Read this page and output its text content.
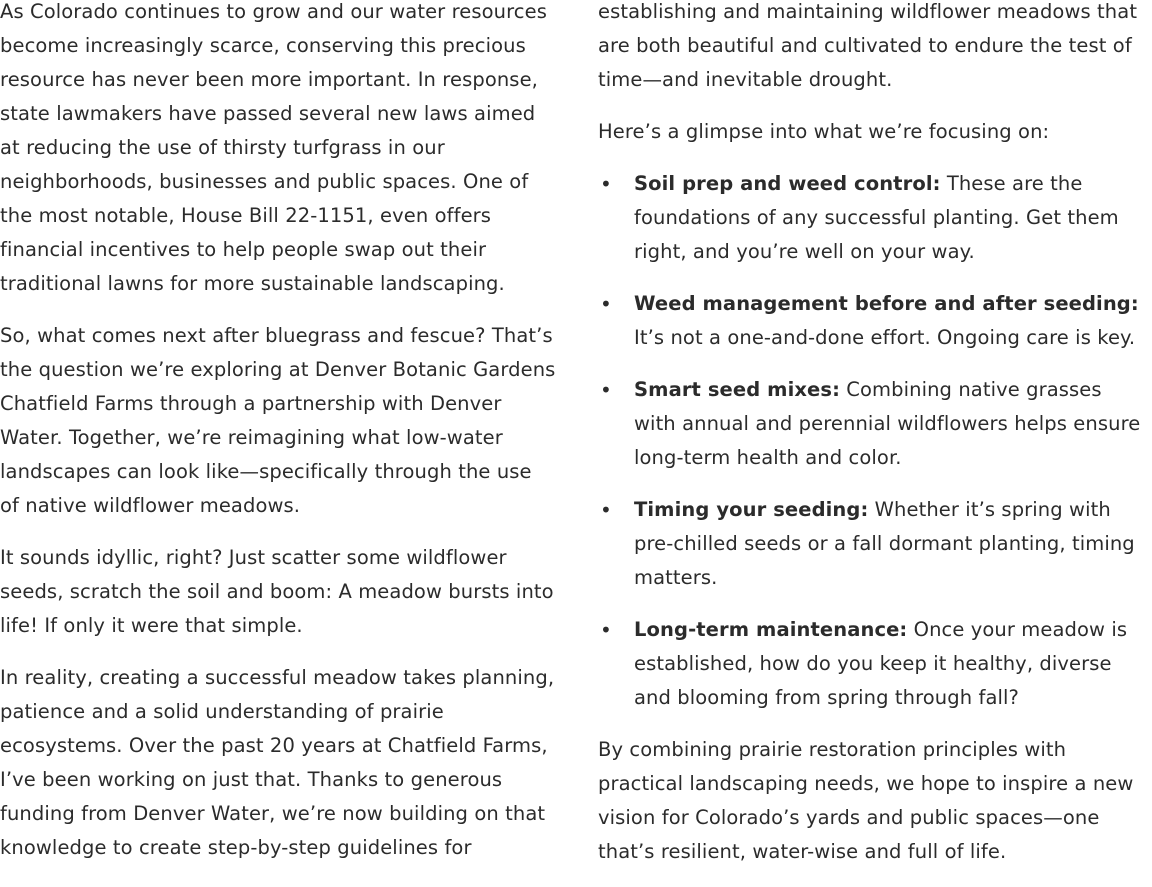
As Colorado continues to grow and our water resources become increasingly scarce, conserving this precious resource has never been more important. In response, state lawmakers have passed several new laws aimed at reducing the use of thirsty turfgrass in our neighborhoods, businesses and public spaces. One of the most notable, House Bill 22-1151, even offers financial incentives to help people swap out their traditional lawns for more sustainable landscaping.

So, what comes next after bluegrass and fescue? That’s the question we’re exploring at Denver Botanic Gardens Chatfield Farms through a partnership with Denver Water. Together, we’re reimagining what low-water landscapes can look like—specifically through the use of native wildflower meadows.

It sounds idyllic, right? Just scatter some wildflower seeds, scratch the soil and boom: A meadow bursts into life! If only it were that simple.

In reality, creating a successful meadow takes planning, patience and a solid understanding of prairie ecosystems. Over the past 20 years at Chatfield Farms, I’ve been working on just that. Thanks to generous funding from Denver Water, we’re now building on that knowledge to create step-by-step guidelines for

establishing and maintaining wildflower meadows that are both beautiful and cultivated to endure the test of time—and inevitable drought.

Here’s a glimpse into what we’re focusing on:

• Soil prep and weed control: These are the foundations of any successful planting. Get them right, and you’re well on your way.
• Weed management before and after seeding: It’s not a one-and-done effort. Ongoing care is key.
• Smart seed mixes: Combining native grasses with annual and perennial wildflowers helps ensure long-term health and color.
• Timing your seeding: Whether it’s spring with pre-chilled seeds or a fall dormant planting, timing matters.
• Long-term maintenance: Once your meadow is established, how do you keep it healthy, diverse and blooming from spring through fall?

By combining prairie restoration principles with practical landscaping needs, we hope to inspire a new vision for Colorado’s yards and public spaces—one that’s resilient, water-wise and full of life.
